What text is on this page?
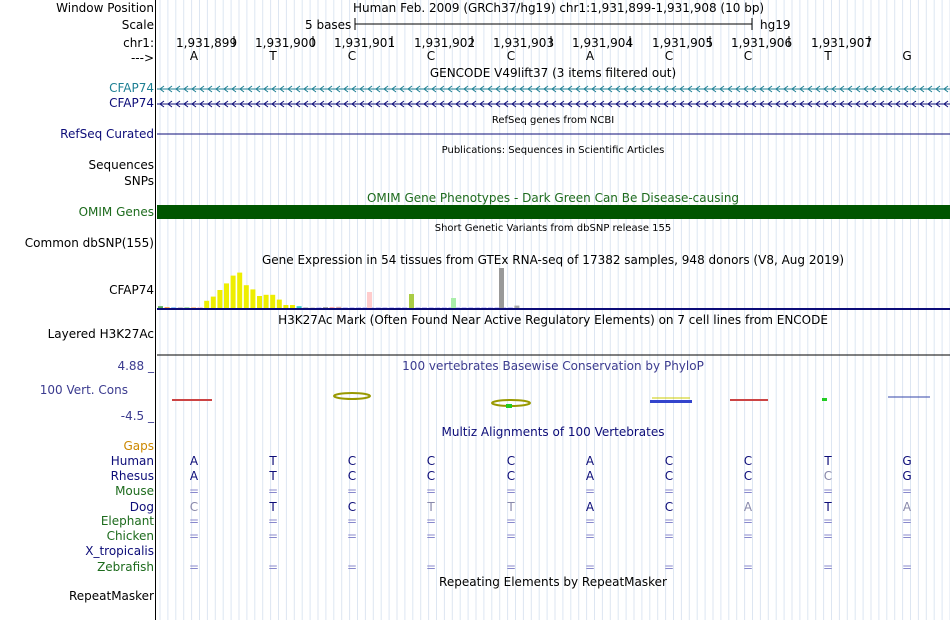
Window Position	Human Feb. 2009 (GRCh37/hg19) chr1:1,931,899-1,931,908 (10 bp)
Scale	5 bases	hg19
chr1: 1,931,899 1,931,900 1,931,901 1,931,902 1,931,903 1,931,904 1,931,905 1,931,906 1,931,907
--->	A	T	C	C	C	A	C	C	T	G
GENCODE V49lift37 (3 items filtered out)
CFAP74
CFAP74
RefSeq genes from NCBI
RefSeq Curated
Publications: Sequences in Scientific Articles
Sequences
SNPs
OMIM Gene Phenotypes - Dark Green Can Be Disease-causing
OMIM Genes
Short Genetic Variants from dbSNP release 155
Common dbSNP(155)
Gene Expression in 54 tissues from GTEx RNA-seq of 17382 samples, 948 donors (V8, Aug 2019)
CFAP74
H3K27Ac Mark (Often Found Near Active Regulatory Elements) on 7 cell lines from ENCODE
Layered H3K27Ac
100 vertebrates Basewise Conservation by PhyloP
4.88 _
100 Vert. Cons
-4.5 _
Multiz Alignments of 100 Vertebrates
Gaps
Human	A	T	C	C	C	A	C	C	T	G
Rhesus	A	T	C	C	C	A	C	C	C	G
Mouse	=	=	=	=	=	=	=	=	=	=
Dog	C	T	C	T	T	A	C	A	T	A
Elephant	=	=	=	=	=	=	=	=	=	=
Chicken	=	=	=	=	=	=	=	=	=	=
X_tropicalis
Zebrafish	=	=	=	=	=	=	=	=	=	=
Repeating Elements by RepeatMasker
RepeatMasker
